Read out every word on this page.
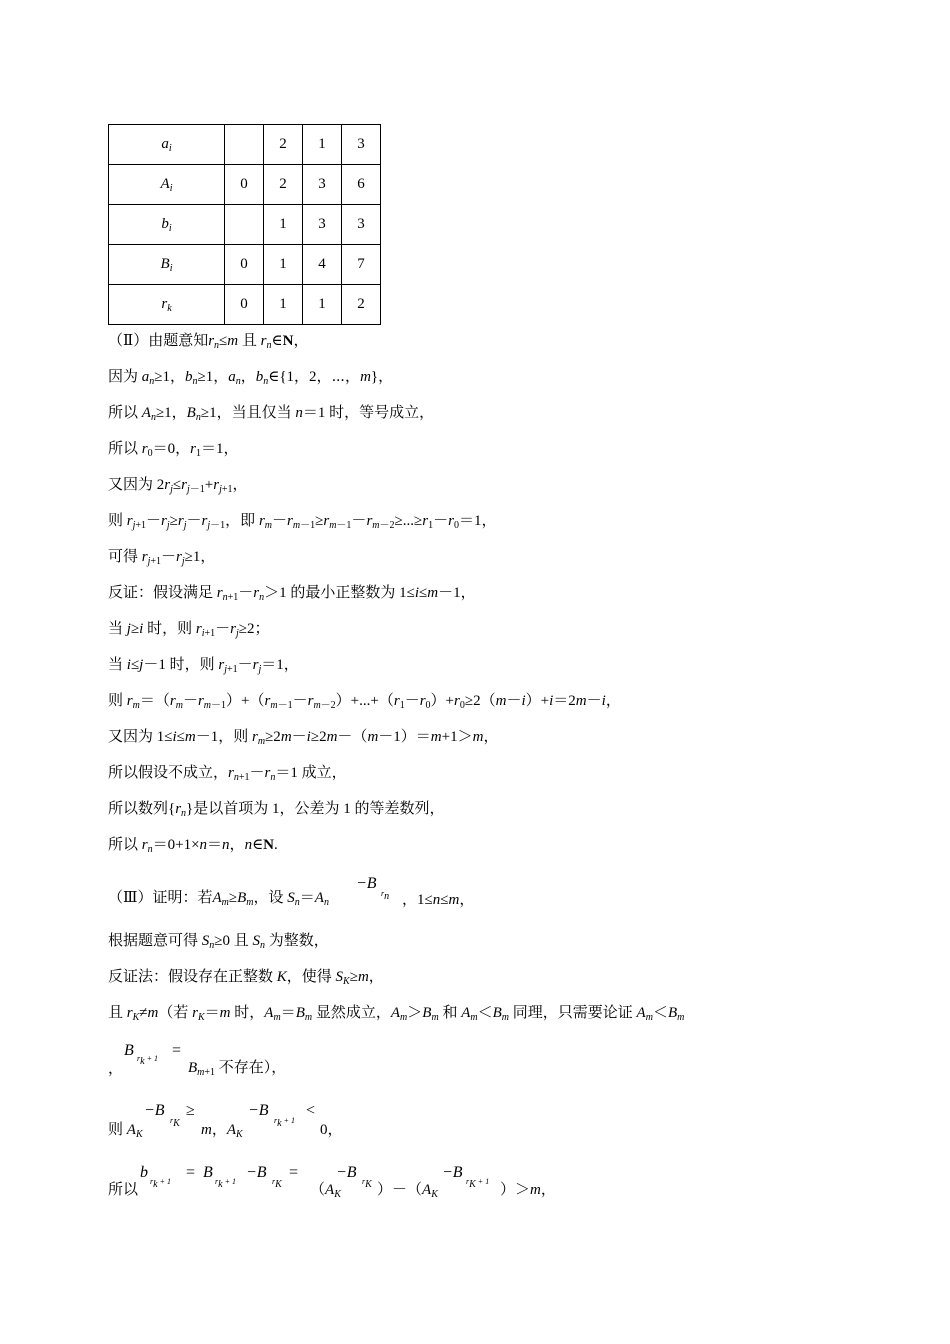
$a_i$		2	1	3
$A_i$	0	2	3	6
$b_i$		1	3	3
$B_i$	0	1	4	7
$r_k$	0	1	1	2
（Ⅱ）由题意知$r_n\le m$ 且 $r_n\in N$，
因为 $a_n\ge 1$，$b_n\ge 1$，$a_n$，$b_n\in\{1$，2，⋯，m}，
所以 $A_n\ge 1$，$B_n\ge 1$，当且仅当 n＝1 时，等号成立，
所以 $r_0=0$，$r_1=1$，
又因为 $2r_j\le r_{j-1}+r_{j+1}$，
则 $r_{j+1}-r_j\ge r_j-r_{j-1}$，即 $r_m-r_{m-1}\ge r_{m-1}-r_{m-2}\ge...\ge r_1-r_0=1$，
可得 $r_{j+1}-r_j\ge 1$，
反证：假设满足 $r_{n+1}-r_n>1$ 的最小正整数为 1≤i≤m－1，
当 j≥i 时，则 $r_{i+1}-r_j\ge 2$；
当 i≤j－1 时，则 $r_{j+1}-r_j=1$，
则 $r_m=(r_m-r_{m-1})+(r_{m-1}-r_{m-2})+...+(r_1-r_0)+r_0\ge 2(m-i)+i=2m-i$，
又因为 1≤i≤m－1，则 $r_m\ge 2m-i\ge 2m-(m-1)=m+1>m$，
所以假设不成立，$r_{n+1}-r_n=1$ 成立，
所以数列$\{r_n\}$是以首项为 1，公差为 1 的等差数列，
所以 $r_n=0+1\times n=n$，n∈N.
（Ⅲ）证明：若$A_m\ge B_m$，设 $S_n=A_n$
−B
$r_n$ ，1≤n≤m，
根据题意可得 $S_n\ge 0$ 且 $S_n$ 为整数，
反证法：假设存在正整数 K，使得 $S_K\ge m$，
且 $r_K\ne m$（若 $r_K=m$ 时，$A_m=B_m$ 显然成立，$A_m>B_m$ 和 $A_m<B_m$ 同理，只需要论证 $A_m<B_m$
，
B $r_k + 1$ =
$B_{m+1}$ 不存在），
则 $A_K$
−B
$r_K$
≥
m，$A_K$
−B
$r_k + 1$
<
0，
所以
b
$r_k + 1$
= B
$r_k + 1$
−B
$r_K$
=
（$A_K$
−B
$r_K$ ）$-(A_K$
−B
$r_K + 1$
）＞m，
